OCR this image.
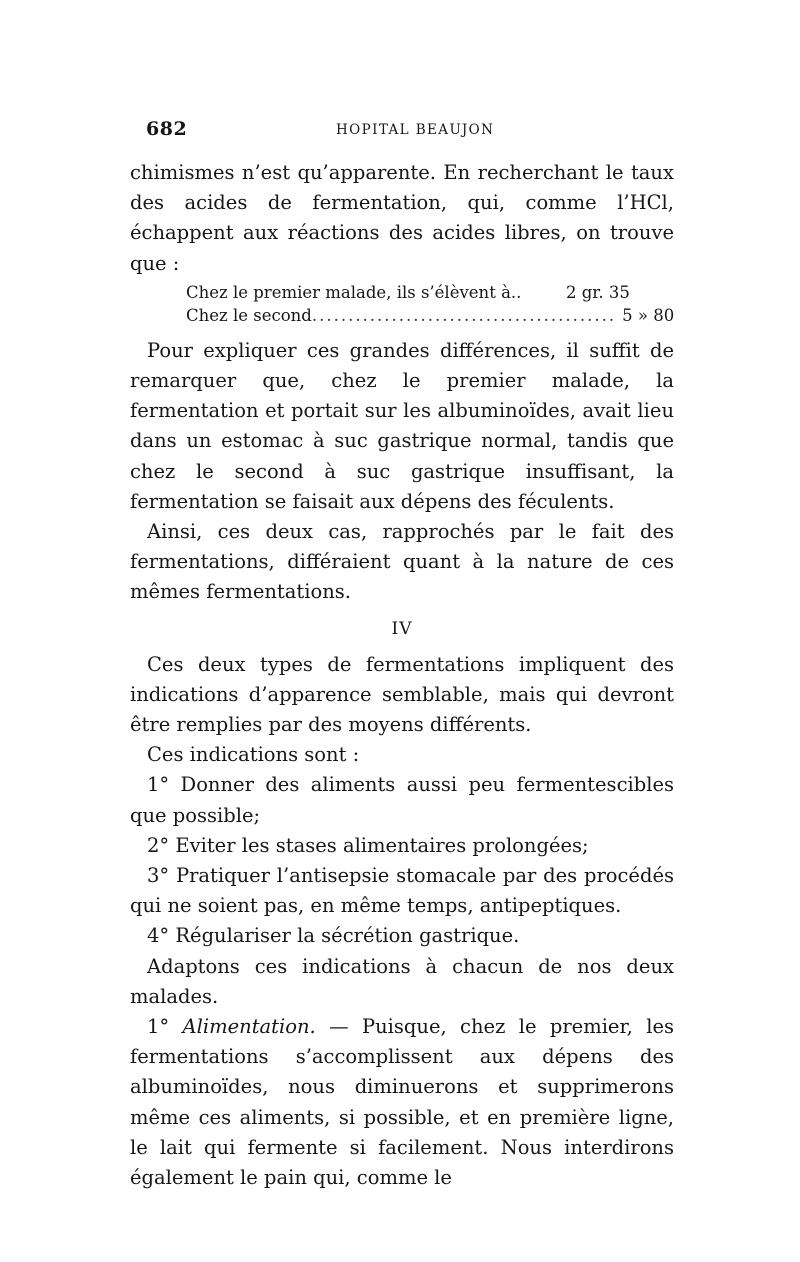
682	HOPITAL BEAUJON

chimismes n’est qu’apparente. En recherchant le taux des acides de fermentation, qui, comme l’HCl, échappent aux réactions des acides libres, on trouve que :

Chez le premier malade, ils s’élèvent à..	2 gr. 35
Chez le second .......................................... 5 » 80

Pour expliquer ces grandes différences, il suffit de remarquer que, chez le premier malade, la fermentation et portait sur les albuminoïdes, avait lieu dans un estomac à suc gastrique normal, tandis que chez le second à suc gastrique insuffisant, la fermentation se faisait aux dépens des féculents.

Ainsi, ces deux cas, rapprochés par le fait des fermentations, différaient quant à la nature de ces mêmes fermentations.

IV

Ces deux types de fermentations impliquent des indications d’apparence semblable, mais qui devront être remplies par des moyens différents.

Ces indications sont :

1° Donner des aliments aussi peu fermentescibles que possible;

2° Eviter les stases alimentaires prolongées;

3° Pratiquer l’antisepsie stomacale par des procédés qui ne soient pas, en même temps, antipeptiques.

4° Régulariser la sécrétion gastrique.

Adaptons ces indications à chacun de nos deux malades.

1° Alimentation. — Puisque, chez le premier, les fermentations s’accomplissent aux dépens des albuminoïdes, nous diminuerons et supprimerons même ces aliments, si possible, et en première ligne, le lait qui fermente si facilement. Nous interdirons également le pain qui, comme le
